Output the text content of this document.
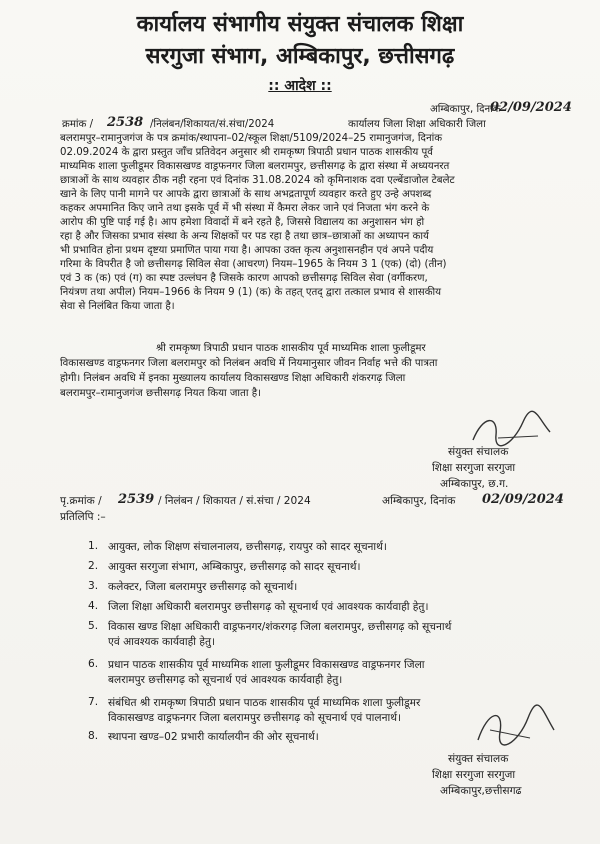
कार्यालय संभागीय संयुक्त संचालक शिक्षा
सरगुजा संभाग, अम्बिकापुर, छत्तीसगढ़
:: आदेश ::
अम्बिकापुर, दिनांक
02/09/2024
क्रमांक / 2538 /निलंबन/शिकायत/सं.संचा/2024	कार्यालय जिला शिक्षा अधिकारी जिला
बलरामपुर–रामानुजगंज के पत्र क्रमांक/स्थापना–02/स्कूल शिक्षा/5109/2024–25 रामानुजगंज, दिनांक
02.09.2024 के द्वारा प्रस्तुत जाँच प्रतिवेदन अनुसार श्री रामकृष्ण त्रिपाठी प्रधान पाठक शासकीय पूर्व
माध्यमिक शाला फुलीडूमर विकासखण्ड वाड्रफनगर जिला बलरामपुर, छत्तीसगढ़ के द्वारा संस्था में अध्ययनरत
छात्राओं के साथ व्यवहार ठीक नही रहना एवं दिनांक 31.08.2024 को कृमिनाशक दवा एल्बेंडाजोल टेबलेट
खाने के लिए पानी मागने पर आपके द्वारा छात्राओं के साथ अभद्रतापूर्ण व्यवहार करते हुए उन्हे अपशब्द
कहकर अपमानित किए जाने तथा इसके पूर्व में भी संस्था में कैमरा लेकर जाने एवं निजता भंग करने के
आरोप की पुष्टि पाई गई है। आप हमेशा विवादों में बने रहते है, जिससे विद्यालय का अनुशासन भंग हो
रहा है और जिसका प्रभाव संस्था के अन्य शिक्षकों पर पड रहा है तथा छात्र–छात्राओं का अध्यापन कार्य
भी प्रभावित होना प्रथम दृष्टया प्रमाणित पाया गया है। आपका उक्त कृत्य अनुशासनहीन एवं अपने पदीय
गरिमा के विपरीत है जो छत्तीसगढ़ सिविल सेवा (आचरण) नियम–1965 के नियम 3 1 (एक) (दो) (तीन)
एवं 3 क (क) एवं (ग) का स्पष्ट उल्लंघन है जिसके कारण आपको छत्तीसगढ़ सिविल सेवा (वर्गीकरण,
नियंत्रण तथा अपील) नियम–1966 के नियम 9 (1) (क) के तहत् एतद् द्वारा तत्काल प्रभाव से शासकीय
सेवा से निलंबित किया जाता है।
श्री रामकृष्ण त्रिपाठी प्रधान पाठक शासकीय पूर्व माध्यमिक शाला फुलीडूमर
विकासखण्ड वाड्रफनगर जिला बलरामपुर को निलंबन अवधि में नियमानुसार जीवन निर्वाह भत्ते की पात्रता
होगी। निलंबन अवधि में इनका मुख्यालय कार्यालय विकासखण्ड शिक्षा अधिकारी शंकरगढ़ जिला
बलरामपुर–रामानुजगंज छत्तीसगढ़ नियत किया जाता है।
संयुक्त संचालक
शिक्षा सरगुजा सरगुजा
अम्बिकापुर, छ.ग.
पृ.क्रमांक / 2539 / निलंबन / शिकायत / सं.संचा / 2024	अम्बिकापुर, दिनांक 02/09/2024
प्रतिलिपि :–
1. आयुक्त, लोक शिक्षण संचालनालय, छत्तीसगढ़, रायपुर को सादर सूचनार्थ।
2. आयुक्त सरगुजा संभाग, अम्बिकापुर, छत्तीसगढ़ को सादर सूचनार्थ।
3. कलेक्टर, जिला बलरामपुर छत्तीसगढ़ को सूचनार्थ।
4. जिला शिक्षा अधिकारी बलरामपुर छत्तीसगढ़ को सूचनार्थ एवं आवश्यक कार्यवाही हेतु।
5. विकास खण्ड शिक्षा अधिकारी वाड्रफनगर/शंकरगढ़ जिला बलरामपुर, छत्तीसगढ़ को सूचनार्थ
एवं आवश्यक कार्यवाही हेतु।
6. प्रधान पाठक शासकीय पूर्व माध्यमिक शाला फुलीडूमर विकासखण्ड वाड्रफनगर जिला
बलरामपुर छत्तीसगढ़ को सूचनार्थ एवं आवश्यक कार्यवाही हेतु।
7. संबंधित श्री रामकृष्ण त्रिपाठी प्रधान पाठक शासकीय पूर्व माध्यमिक शाला फुलीडूमर
विकासखण्ड वाड्रफनगर जिला बलरामपुर छत्तीसगढ़ को सूचनार्थ एवं पालनार्थ।
8. स्थापना खण्ड–02 प्रभारी कार्यालयीन की ओर सूचनार्थ।
संयुक्त संचालक
शिक्षा सरगुजा सरगुजा
अम्बिकापुर,छत्तीसगढ
